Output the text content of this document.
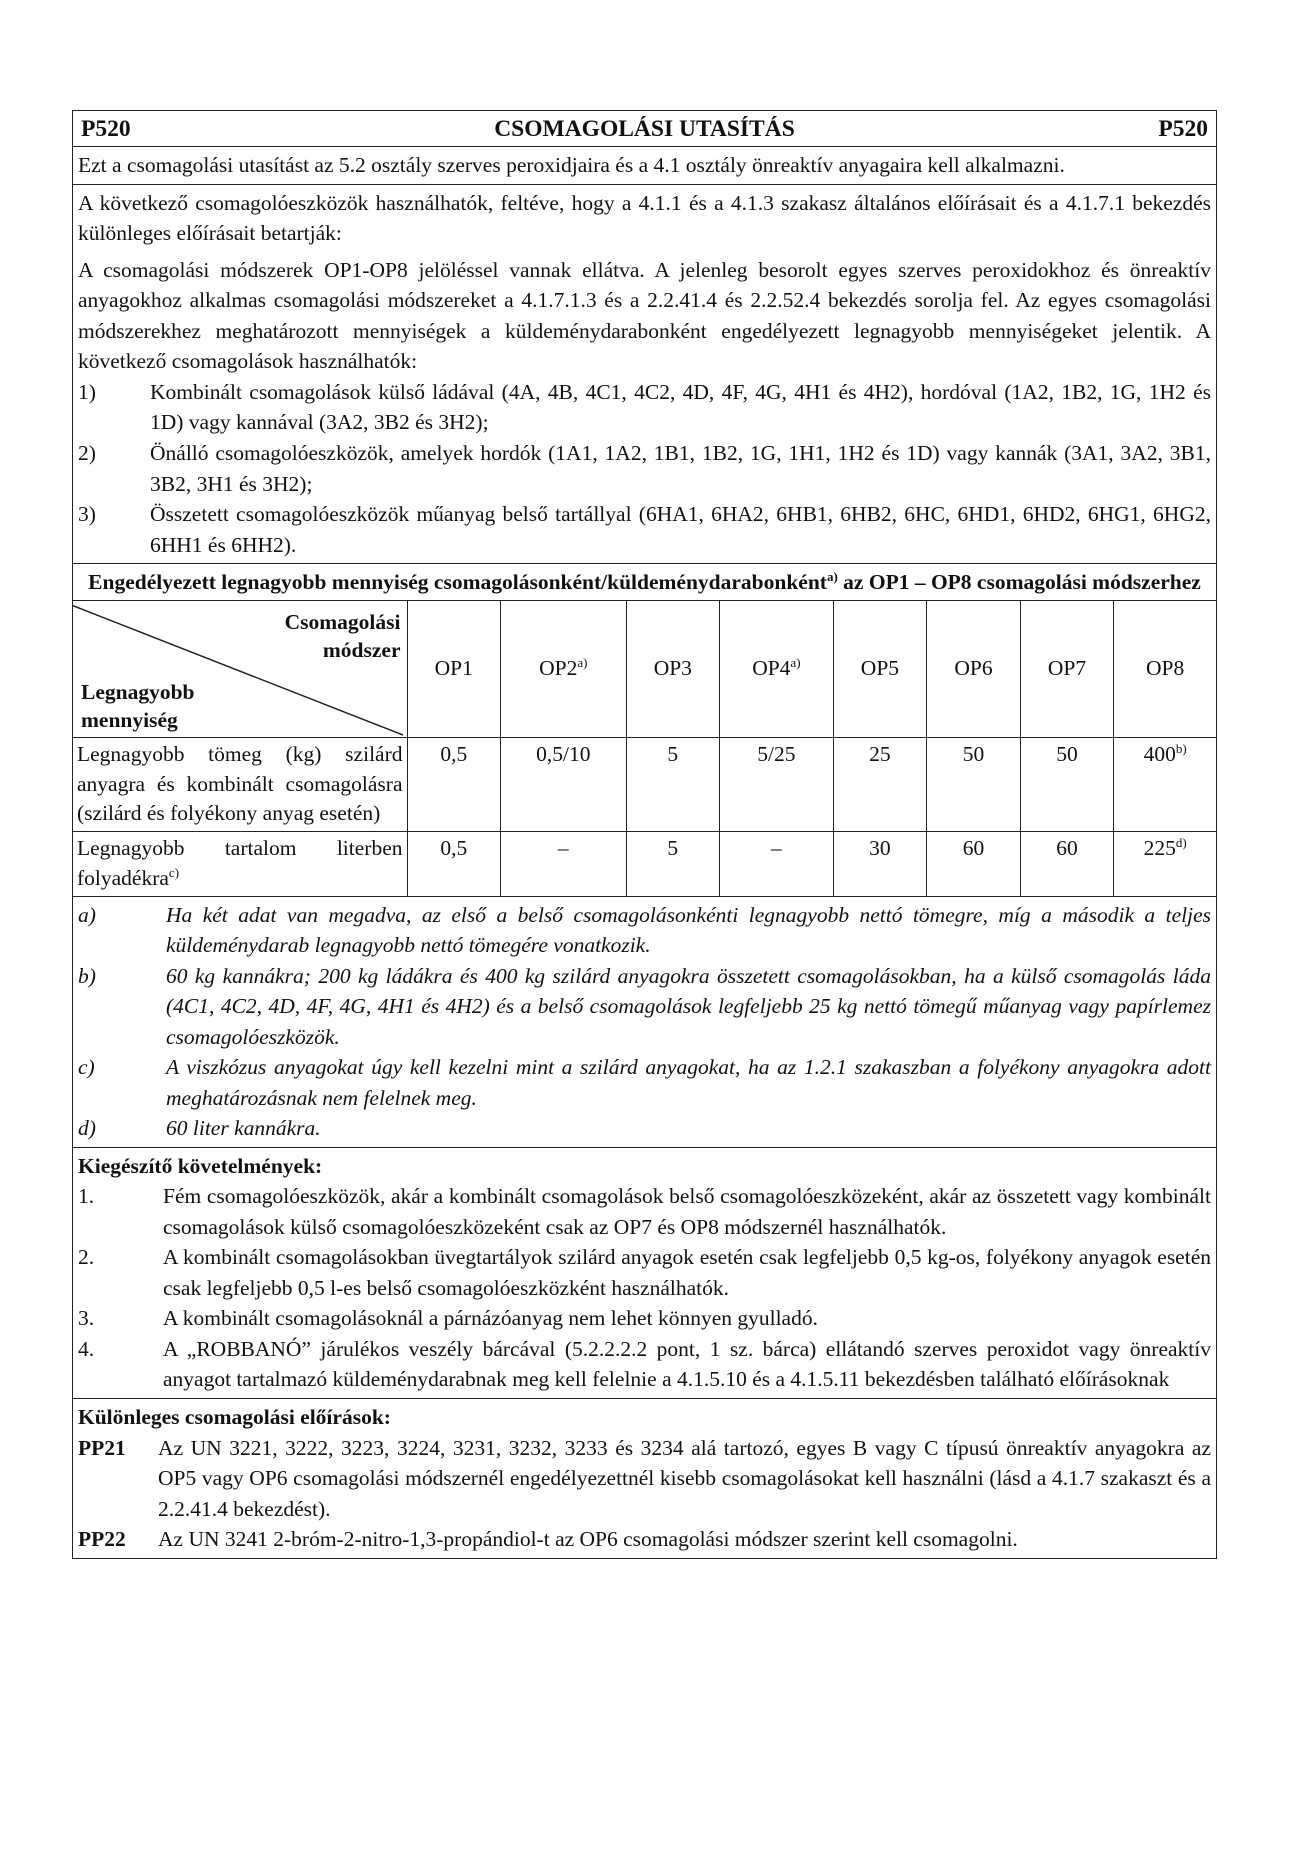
P520	CSOMAGOLÁSI UTASÍTÁS	P520
Ezt a csomagolási utasítást az 5.2 osztály szerves peroxidjaira és a 4.1 osztály önreaktív anyagaira kell alkalmazni.
A következő csomagolóeszközök használhatók, feltéve, hogy a 4.1.1 és a 4.1.3 szakasz általános előírásait és a 4.1.7.1 bekezdés különleges előírásait betartják:
A csomagolási módszerek OP1-OP8 jelöléssel vannak ellátva. A jelenleg besorolt egyes szerves peroxidokhoz és önreaktív anyagokhoz alkalmas csomagolási módszereket a 4.1.7.1.3 és a 2.2.41.4 és 2.2.52.4 bekezdés sorolja fel. Az egyes csomagolási módszerekhez meghatározott mennyiségek a küldeménydarabonként engedélyezett legnagyobb mennyiségeket jelentik. A következő csomagolások használhatók:
1)	Kombinált csomagolások külső ládával (4A, 4B, 4C1, 4C2, 4D, 4F, 4G, 4H1 és 4H2), hordóval (1A2, 1B2, 1G, 1H2 és 1D) vagy kannával (3A2, 3B2 és 3H2);
2)	Önálló csomagolóeszközök, amelyek hordók (1A1, 1A2, 1B1, 1B2, 1G, 1H1, 1H2 és 1D) vagy kannák (3A1, 3A2, 3B1, 3B2, 3H1 és 3H2);
3)	Összetett csomagolóeszközök műanyag belső tartállyal (6HA1, 6HA2, 6HB1, 6HB2, 6HC, 6HD1, 6HD2, 6HG1, 6HG2, 6HH1 és 6HH2).
Engedélyezett legnagyobb mennyiség csomagolásonként/küldeménydarabonként$^{a)}$ az OP1 – OP8 csomagolási módszerhez
Csomagolási módszer
Legnagyobb mennyiség	OP1	OP2$^{a)}$	OP3	OP4$^{a)}$	OP5	OP6	OP7	OP8
Legnagyobb tömeg (kg) szilárd anyagra és kombinált csomagolásra (szilárd és folyékony anyag esetén)	0,5	0,5/10	5	5/25	25	50	50	400$^{b)}$
Legnagyobb tartalom literben folyadékra$^{c)}$	0,5	–	5	–	30	60	60	225$^{d)}$
a)	Ha két adat van megadva, az első a belső csomagolásonkénti legnagyobb nettó tömegre, míg a második a teljes küldeménydarab legnagyobb nettó tömegére vonatkozik.
b)	60 kg kannákra; 200 kg ládákra és 400 kg szilárd anyagokra összetett csomagolásokban, ha a külső csomagolás láda (4C1, 4C2, 4D, 4F, 4G, 4H1 és 4H2) és a belső csomagolások legfeljebb 25 kg nettó tömegű műanyag vagy papírlemez csomagolóeszközök.
c)	A viszkózus anyagokat úgy kell kezelni mint a szilárd anyagokat, ha az 1.2.1 szakaszban a folyékony anyagokra adott meghatározásnak nem felelnek meg.
d)	60 liter kannákra.
Kiegészítő követelmények:
1.	Fém csomagolóeszközök, akár a kombinált csomagolások belső csomagolóeszközeként, akár az összetett vagy kombinált csomagolások külső csomagolóeszközeként csak az OP7 és OP8 módszernél használhatók.
2.	A kombinált csomagolásokban üvegtartályok szilárd anyagok esetén csak legfeljebb 0,5 kg-os, folyékony anyagok esetén csak legfeljebb 0,5 l-es belső csomagolóeszközként használhatók.
3.	A kombinált csomagolásoknál a párnázóanyag nem lehet könnyen gyulladó.
4.	A „ROBBANÓ” járulékos veszély bárcával (5.2.2.2.2 pont, 1 sz. bárca) ellátandó szerves peroxidot vagy önreaktív anyagot tartalmazó küldeménydarabnak meg kell felelnie a 4.1.5.10 és a 4.1.5.11 bekezdésben található előírásoknak
Különleges csomagolási előírások:
PP21	Az UN 3221, 3222, 3223, 3224, 3231, 3232, 3233 és 3234 alá tartozó, egyes B vagy C típusú önreaktív anyagokra az OP5 vagy OP6 csomagolási módszernél engedélyezettnél kisebb csomagolásokat kell használni (lásd a 4.1.7 szakaszt és a 2.2.41.4 bekezdést).
PP22	Az UN 3241 2-bróm-2-nitro-1,3-propándiol-t az OP6 csomagolási módszer szerint kell csomagolni.
